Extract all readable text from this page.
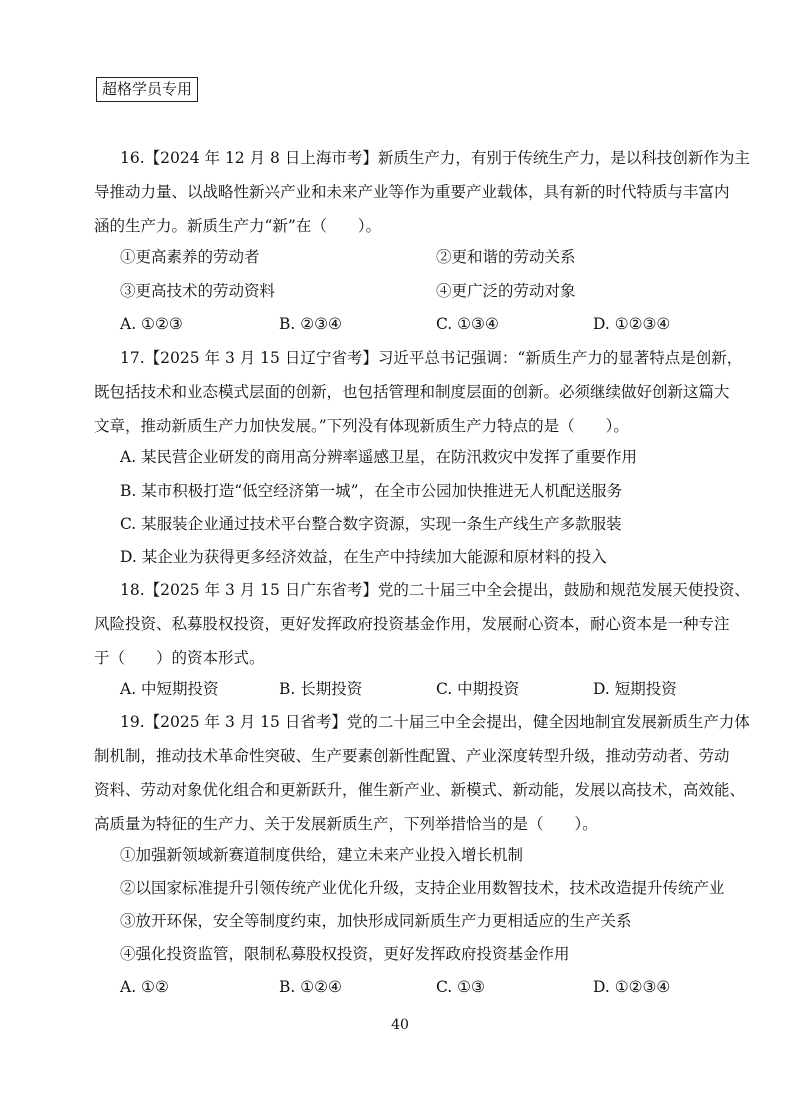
超格学员专用
16.【2024 年 12 月 8 日上海市考】新质生产力，有别于传统生产力，是以科技创新作为主
导推动力量、以战略性新兴产业和未来产业等作为重要产业载体，具有新的时代特质与丰富内
涵的生产力。新质生产力“新”在（　　）。
①更高素养的劳动者	②更和谐的劳动关系
③更高技术的劳动资料	④更广泛的劳动对象
A. ①②③	B. ②③④	C. ①③④	D. ①②③④
17.【2025 年 3 月 15 日辽宁省考】习近平总书记强调：“新质生产力的显著特点是创新，
既包括技术和业态模式层面的创新，也包括管理和制度层面的创新。必须继续做好创新这篇大
文章，推动新质生产力加快发展。”下列没有体现新质生产力特点的是（　　）。
A. 某民营企业研发的商用高分辨率遥感卫星，在防汛救灾中发挥了重要作用
B. 某市积极打造“低空经济第一城”，在全市公园加快推进无人机配送服务
C. 某服装企业通过技术平台整合数字资源，实现一条生产线生产多款服装
D. 某企业为获得更多经济效益，在生产中持续加大能源和原材料的投入
18.【2025 年 3 月 15 日广东省考】党的二十届三中全会提出，鼓励和规范发展天使投资、
风险投资、私募股权投资，更好发挥政府投资基金作用，发展耐心资本，耐心资本是一种专注
于（　　）的资本形式。
A. 中短期投资	B. 长期投资	C. 中期投资	D. 短期投资
19.【2025 年 3 月 15 日省考】党的二十届三中全会提出，健全因地制宜发展新质生产力体
制机制，推动技术革命性突破、生产要素创新性配置、产业深度转型升级，推动劳动者、劳动
资料、劳动对象优化组合和更新跃升，催生新产业、新模式、新动能，发展以高技术，高效能、
高质量为特征的生产力、关于发展新质生产，下列举措恰当的是（　　）。
①加强新领域新赛道制度供给，建立未来产业投入增长机制
②以国家标准提升引领传统产业优化升级，支持企业用数智技术，技术改造提升传统产业
③放开环保，安全等制度约束，加快形成同新质生产力更相适应的生产关系
④强化投资监管，限制私募股权投资，更好发挥政府投资基金作用
A. ①②	B. ①②④	C. ①③	D. ①②③④
40
